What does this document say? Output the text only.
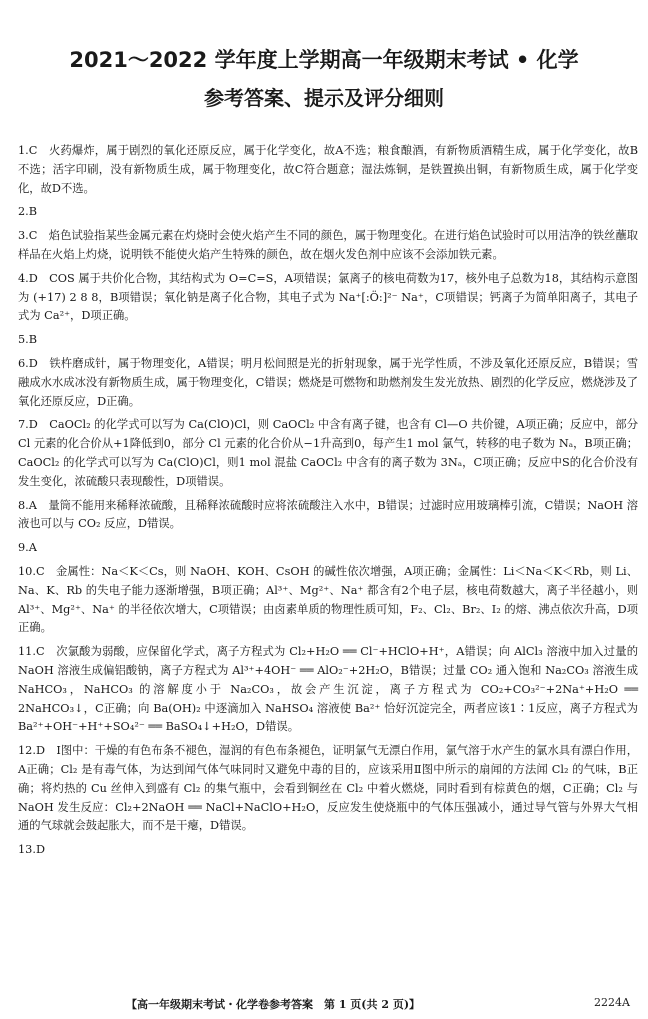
2021～2022 学年度上学期高一年级期末考试 • 化学
参考答案、提示及评分细则

1.C　火药爆炸，属于剧烈的氧化还原反应，属于化学变化，故A不选；粮食酿酒，有新物质酒精生成，属于化学变化，故B不选；活字印刷，没有新物质生成，属于物理变化，故C符合题意；湿法炼铜，是铁置换出铜，有新物质生成，属于化学变化，故D不选。

2.B

3.C　焰色试验指某些金属元素在灼烧时会使火焰产生不同的颜色，属于物理变化。在进行焰色试验时可以用洁净的铁丝蘸取样品在火焰上灼烧，说明铁不能使火焰产生特殊的颜色，故在烟火发色剂中应该不会添加铁元素。

4.D　COS 属于共价化合物，其结构式为 O=C=S，A项错误；氯离子的核电荷数为17，核外电子总数为18，其结构示意图为 (+17) 2 8 8，B项错误；氧化钠是离子化合物，其电子式为 Na⁺[:Ö:]²⁻ Na⁺，C项错误；钙离子为简单阳离子，其电子式为 Ca²⁺，D项正确。

5.B

6.D　铁杵磨成针，属于物理变化，A错误；明月松间照是光的折射现象，属于光学性质，不涉及氧化还原反应，B错误；雪融成水水成冰没有新物质生成，属于物理变化，C错误；燃烧是可燃物和助燃剂发生发光放热、剧烈的化学反应，燃烧涉及了氧化还原反应，D正确。

7.D　CaOCl₂ 的化学式可以写为 Ca(ClO)Cl，则 CaOCl₂ 中含有离子键，也含有 Cl—O 共价键，A项正确；反应中，部分 Cl 元素的化合价从+1降低到0，部分 Cl 元素的化合价从−1升高到0，每产生1 mol 氯气，转移的电子数为 Nₐ，B项正确；CaOCl₂ 的化学式可以写为 Ca(ClO)Cl，则1 mol 混盐 CaOCl₂ 中含有的离子数为 3Nₐ，C项正确；反应中S的化合价没有发生变化，浓硫酸只表现酸性，D项错误。

8.A　量筒不能用来稀释浓硫酸，且稀释浓硫酸时应将浓硫酸注入水中，B错误；过滤时应用玻璃棒引流，C错误；NaOH 溶液也可以与 CO₂ 反应，D错误。

9.A

10.C　金属性：Na＜K＜Cs，则 NaOH、KOH、CsOH 的碱性依次增强，A项正确；金属性：Li＜Na＜K＜Rb，则 Li、Na、K、Rb 的失电子能力逐渐增强，B项正确；Al³⁺、Mg²⁺、Na⁺ 都含有2个电子层，核电荷数越大，离子半径越小，则 Al³⁺、Mg²⁺、Na⁺ 的半径依次增大，C项错误；由卤素单质的物理性质可知，F₂、Cl₂、Br₂、I₂ 的熔、沸点依次升高，D项正确。

11.C　次氯酸为弱酸，应保留化学式，离子方程式为 Cl₂+H₂O ══ Cl⁻+HClO+H⁺，A错误；向 AlCl₃ 溶液中加入过量的 NaOH 溶液生成偏铝酸钠，离子方程式为 Al³⁺+4OH⁻ ══ AlO₂⁻+2H₂O，B错误；过量 CO₂ 通入饱和 Na₂CO₃ 溶液生成 NaHCO₃，NaHCO₃ 的溶解度小于 Na₂CO₃，故会产生沉淀，离子方程式为 CO₂+CO₃²⁻+2Na⁺+H₂O ══ 2NaHCO₃↓，C正确；向 Ba(OH)₂ 中逐滴加入 NaHSO₄ 溶液使 Ba²⁺ 恰好沉淀完全，两者应该1∶1反应，离子方程式为 Ba²⁺+OH⁻+H⁺+SO₄²⁻ ══ BaSO₄↓+H₂O，D错误。

12.D　Ⅰ图中：干燥的有色布条不褪色，湿润的有色布条褪色，证明氯气无漂白作用，氯气溶于水产生的氯水具有漂白作用，A正确；Cl₂ 是有毒气体，为达到闻气体气味同时又避免中毒的目的，应该采用Ⅱ图中所示的扇闻的方法闻 Cl₂ 的气味，B正确；将灼热的 Cu 丝伸入到盛有 Cl₂ 的集气瓶中，会看到铜丝在 Cl₂ 中着火燃烧，同时看到有棕黄色的烟，C正确；Cl₂ 与 NaOH 发生反应：Cl₂+2NaOH ══ NaCl+NaClO+H₂O，反应发生使烧瓶中的气体压强减小，通过导气管与外界大气相通的气球就会鼓起胀大，而不是干瘪，D错误。

13.D

【高一年级期末考试・化学卷参考答案　第 1 页(共 2 页)】	2224A
